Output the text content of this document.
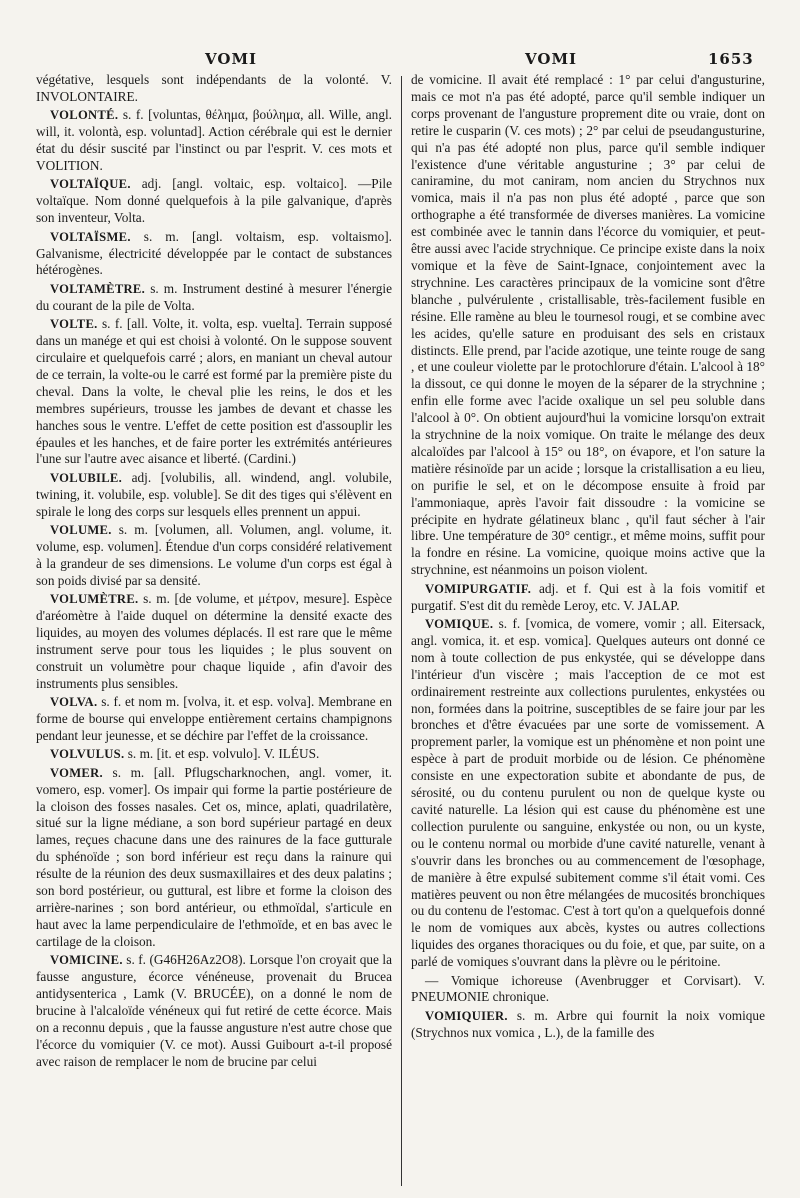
VOMI	VOMI	1653

végétative, lesquels sont indépendants de la volonté. V. INVOLONTAIRE.

VOLONTÉ. s. f. [voluntas, θέλημα, βούλημα, all. Wille, angl. will, it. volontà, esp. voluntad]. Action cérébrale qui est le dernier état du désir suscité par l'instinct ou par l'esprit. V. ces mots et VOLITION.

VOLTAÏQUE. adj. [angl. voltaic, esp. voltaico]. —Pile voltaïque. Nom donné quelquefois à la pile galvanique, d'après son inventeur, Volta.

VOLTAÏSME. s. m. [angl. voltaism, esp. voltaismo]. Galvanisme, électricité développée par le contact de substances hétérogènes.

VOLTAMÈTRE. s. m. Instrument destiné à mesurer l'énergie du courant de la pile de Volta.

VOLTE. s. f. [all. Volte, it. volta, esp. vuelta]. Terrain supposé dans un manége et qui est choisi à volonté. On le suppose souvent circulaire et quelquefois carré ; alors, en maniant un cheval autour de ce terrain, la volte-ou le carré est formé par la première piste du cheval. Dans la volte, le cheval plie les reins, le dos et les membres supérieurs, trousse les jambes de devant et chasse les hanches sous le ventre. L'effet de cette position est d'assouplir les épaules et les hanches, et de faire porter les extrémités antérieures l'une sur l'autre avec aisance et liberté. (Cardini.)

VOLUBILE. adj. [volubilis, all. windend, angl. volubile, twining, it. volubile, esp. voluble]. Se dit des tiges qui s'élèvent en spirale le long des corps sur lesquels elles prennent un appui.

VOLUME. s. m. [volumen, all. Volumen, angl. volume, it. volume, esp. volumen]. Étendue d'un corps considéré relativement à la grandeur de ses dimensions. Le volume d'un corps est égal à son poids divisé par sa densité.

VOLUMÈTRE. s. m. [de volume, et μέτρον, mesure]. Espèce d'aréomètre à l'aide duquel on détermine la densité exacte des liquides, au moyen des volumes déplacés. Il est rare que le même instrument serve pour tous les liquides ; le plus souvent on construit un volumètre pour chaque liquide , afin d'avoir des instruments plus sensibles.

VOLVA. s. f. et nom m. [volva, it. et esp. volva]. Membrane en forme de bourse qui enveloppe entièrement certains champignons pendant leur jeunesse, et se déchire par l'effet de la croissance.

VOLVULUS. s. m. [it. et esp. volvulo]. V. ILÉUS.

VOMER. s. m. [all. Pflugscharknochen, angl. vomer, it. vomero, esp. vomer]. Os impair qui forme la partie postérieure de la cloison des fosses nasales. Cet os, mince, aplati, quadrilatère, situé sur la ligne médiane, a son bord supérieur partagé en deux lames, reçues chacune dans une des rainures de la face gutturale du sphénoïde ; son bord inférieur est reçu dans la rainure qui résulte de la réunion des deux susmaxillaires et des deux palatins ; son bord postérieur, ou guttural, est libre et forme la cloison des arrière-narines ; son bord antérieur, ou ethmoïdal, s'articule en haut avec la lame perpendiculaire de l'ethmoïde, et en bas avec le cartilage de la cloison.

VOMICINE. s. f. (G46H26Az2O8). Lorsque l'on croyait que la fausse angusture, écorce vénéneuse, provenait du Brucea antidysenterica , Lamk (V. BRUCÉE), on a donné le nom de brucine à l'alcaloïde vénéneux qui fut retiré de cette écorce. Mais on a reconnu depuis , que la fausse angusture n'est autre chose que l'écorce du vomiquier (V. ce mot). Aussi Guibourt a-t-il proposé avec raison de remplacer le nom de brucine par celui

de vomicine. Il avait été remplacé : 1° par celui d'angusturine, mais ce mot n'a pas été adopté, parce qu'il semble indiquer un corps provenant de l'angusture proprement dite ou vraie, dont on retire le cusparin (V. ces mots) ; 2° par celui de pseudangusturine, qui n'a pas été adopté non plus, parce qu'il semble indiquer l'existence d'une véritable angusturine ; 3° par celui de caniramine, du mot caniram, nom ancien du Strychnos nux vomica, mais il n'a pas non plus été adopté , parce que son orthographe a été transformée de diverses manières. La vomicine est combinée avec le tannin dans l'écorce du vomiquier, et peut-être aussi avec l'acide strychnique. Ce principe existe dans la noix vomique et la fève de Saint-Ignace, conjointement avec la strychnine. Les caractères principaux de la vomicine sont d'être blanche , pulvérulente , cristallisable, très-facilement fusible en résine. Elle ramène au bleu le tournesol rougi, et se combine avec les acides, qu'elle sature en produisant des sels en cristaux distincts. Elle prend, par l'acide azotique, une teinte rouge de sang , et une couleur violette par le protochlorure d'étain. L'alcool à 18° la dissout, ce qui donne le moyen de la séparer de la strychnine ; enfin elle forme avec l'acide oxalique un sel peu soluble dans l'alcool à 0°. On obtient aujourd'hui la vomicine lorsqu'on extrait la strychnine de la noix vomique. On traite le mélange des deux alcaloïdes par l'alcool à 15° ou 18°, on évapore, et l'on sature la matière résinoïde par un acide ; lorsque la cristallisation a eu lieu, on purifie le sel, et on le décompose ensuite à froid par l'ammoniaque, après l'avoir fait dissoudre : la vomicine se précipite en hydrate gélatineux blanc , qu'il faut sécher à l'air libre. Une température de 30° centigr., et même moins, suffit pour la fondre en résine. La vomicine, quoique moins active que la strychnine, est néanmoins un poison violent.

VOMIPURGATIF. adj. et f. Qui est à la fois vomitif et purgatif. S'est dit du remède Leroy, etc. V. JALAP.

VOMIQUE. s. f. [vomica, de vomere, vomir ; all. Eitersack, angl. vomica, it. et esp. vomica]. Quelques auteurs ont donné ce nom à toute collection de pus enkystée, qui se développe dans l'intérieur d'un viscère ; mais l'acception de ce mot est ordinairement restreinte aux collections purulentes, enkystées ou non, formées dans la poitrine, susceptibles de se faire jour par les bronches et d'être évacuées par une sorte de vomissement. A proprement parler, la vomique est un phénomène et non point une espèce à part de produit morbide ou de lésion. Ce phénomène consiste en une expectoration subite et abondante de pus, de sérosité, ou du contenu purulent ou non de quelque kyste ou cavité naturelle. La lésion qui est cause du phénomène est une collection purulente ou sanguine, enkystée ou non, ou un kyste, ou le contenu normal ou morbide d'une cavité naturelle, venant à s'ouvrir dans les bronches ou au commencement de l'œsophage, de manière à être expulsé subitement comme s'il était vomi. Ces matières peuvent ou non être mélangées de mucosités bronchiques ou du contenu de l'estomac. C'est à tort qu'on a quelquefois donné le nom de vomiques aux abcès, kystes ou autres collections liquides des organes thoraciques ou du foie, et que, par suite, on a parlé de vomiques s'ouvrant dans la plèvre ou le péritoine.

— Vomique ichoreuse (Avenbrugger et Corvisart). V. PNEUMONIE chronique.

VOMIQUIER. s. m. Arbre qui fournit la noix vomique (Strychnos nux vomica , L.), de la famille des
